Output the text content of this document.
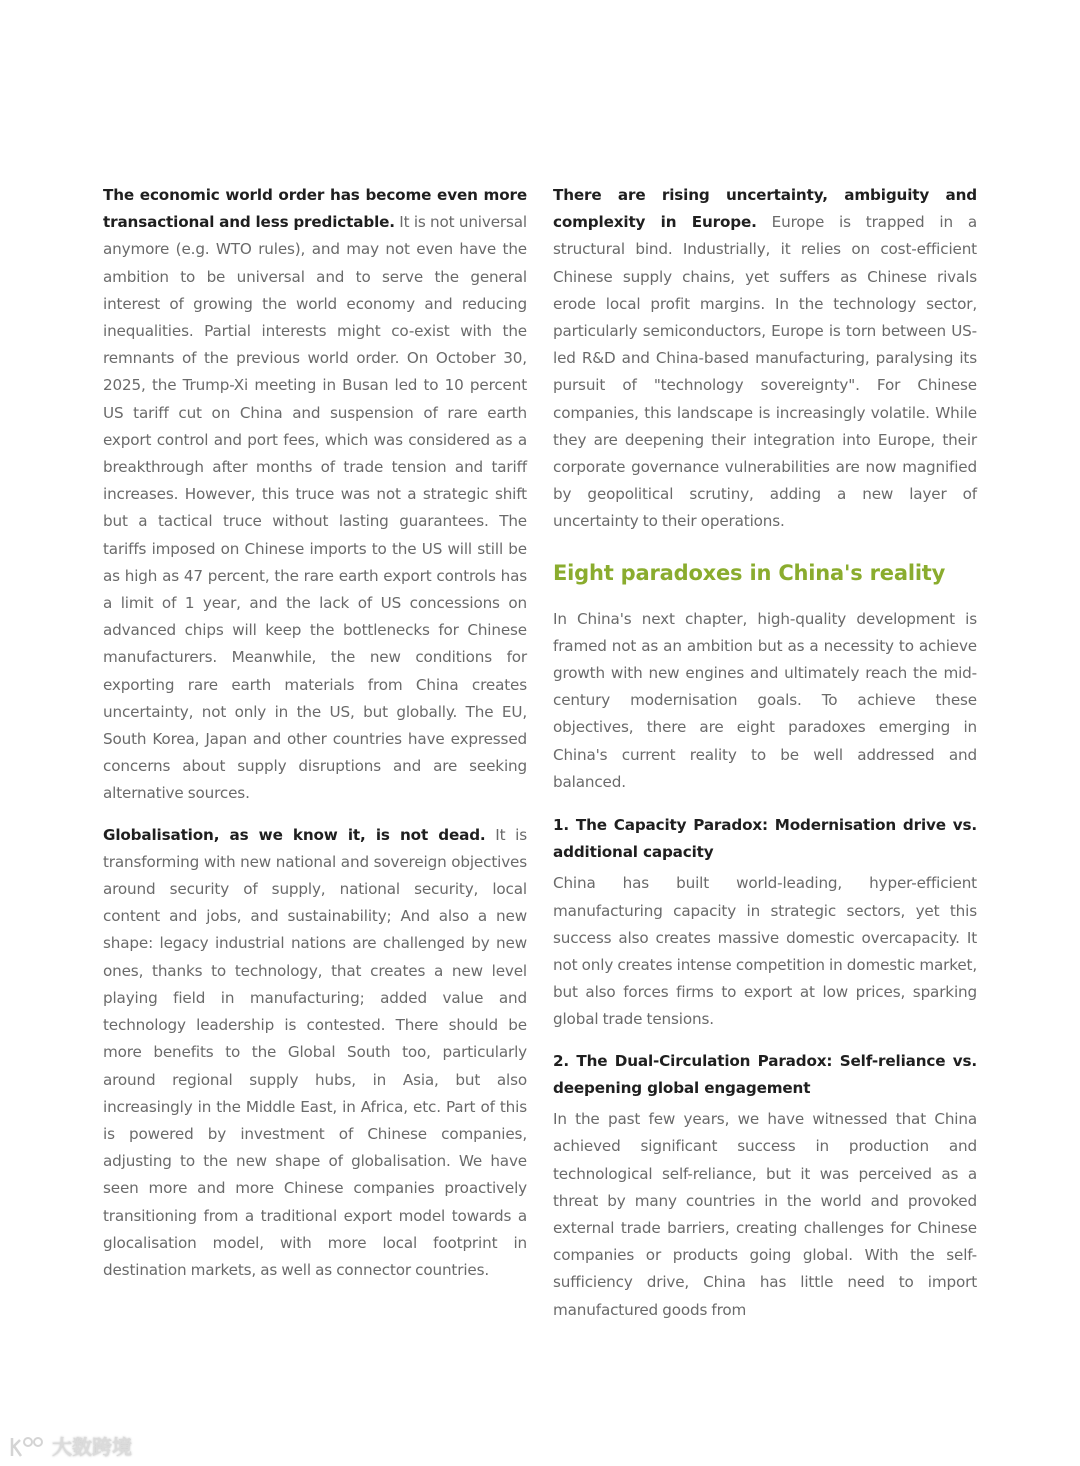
The economic world order has become even more transactional and less predictable. It is not universal anymore (e.g. WTO rules), and may not even have the ambition to be universal and to serve the general interest of growing the world economy and reducing inequalities. Partial interests might co-exist with the remnants of the previous world order. On October 30, 2025, the Trump-Xi meeting in Busan led to 10 percent US tariff cut on China and suspension of rare earth export control and port fees, which was considered as a breakthrough after months of trade tension and tariff increases. However, this truce was not a strategic shift but a tactical truce without lasting guarantees. The tariffs imposed on Chinese imports to the US will still be as high as 47 percent, the rare earth export controls has a limit of 1 year, and the lack of US concessions on advanced chips will keep the bottlenecks for Chinese manufacturers. Meanwhile, the new conditions for exporting rare earth materials from China creates uncertainty, not only in the US, but globally. The EU, South Korea, Japan and other countries have expressed concerns about supply disruptions and are seeking alternative sources.

Globalisation, as we know it, is not dead. It is transforming with new national and sovereign objectives around security of supply, national security, local content and jobs, and sustainability; And also a new shape: legacy industrial nations are challenged by new ones, thanks to technology, that creates a new level playing field in manufacturing; added value and technology leadership is contested. There should be more benefits to the Global South too, particularly around regional supply hubs, in Asia, but also increasingly in the Middle East, in Africa, etc. Part of this is powered by investment of Chinese companies, adjusting to the new shape of globalisation. We have seen more and more Chinese companies proactively transitioning from a traditional export model towards a glocalisation model, with more local footprint in destination markets, as well as connector countries.

There are rising uncertainty, ambiguity and complexity in Europe. Europe is trapped in a structural bind. Industrially, it relies on cost-efficient Chinese supply chains, yet suffers as Chinese rivals erode local profit margins. In the technology sector, particularly semiconductors, Europe is torn between US-led R&D and China-based manufacturing, paralysing its pursuit of "technology sovereignty". For Chinese companies, this landscape is increasingly volatile. While they are deepening their integration into Europe, their corporate governance vulnerabilities are now magnified by geopolitical scrutiny, adding a new layer of uncertainty to their operations.

Eight paradoxes in China's reality

In China's next chapter, high-quality development is framed not as an ambition but as a necessity to achieve growth with new engines and ultimately reach the mid-century modernisation goals. To achieve these objectives, there are eight paradoxes emerging in China's current reality to be well addressed and balanced.

1. The Capacity Paradox: Modernisation drive vs. additional capacity

China has built world-leading, hyper-efficient manufacturing capacity in strategic sectors, yet this success also creates massive domestic overcapacity. It not only creates intense competition in domestic market, but also forces firms to export at low prices, sparking global trade tensions.

2. The Dual-Circulation Paradox: Self-reliance vs. deepening global engagement

In the past few years, we have witnessed that China achieved significant success in production and technological self-reliance, but it was perceived as a threat by many countries in the world and provoked external trade barriers, creating challenges for Chinese companies or products going global. With the self-sufficiency drive, China has little need to import manufactured goods from

大数跨境
